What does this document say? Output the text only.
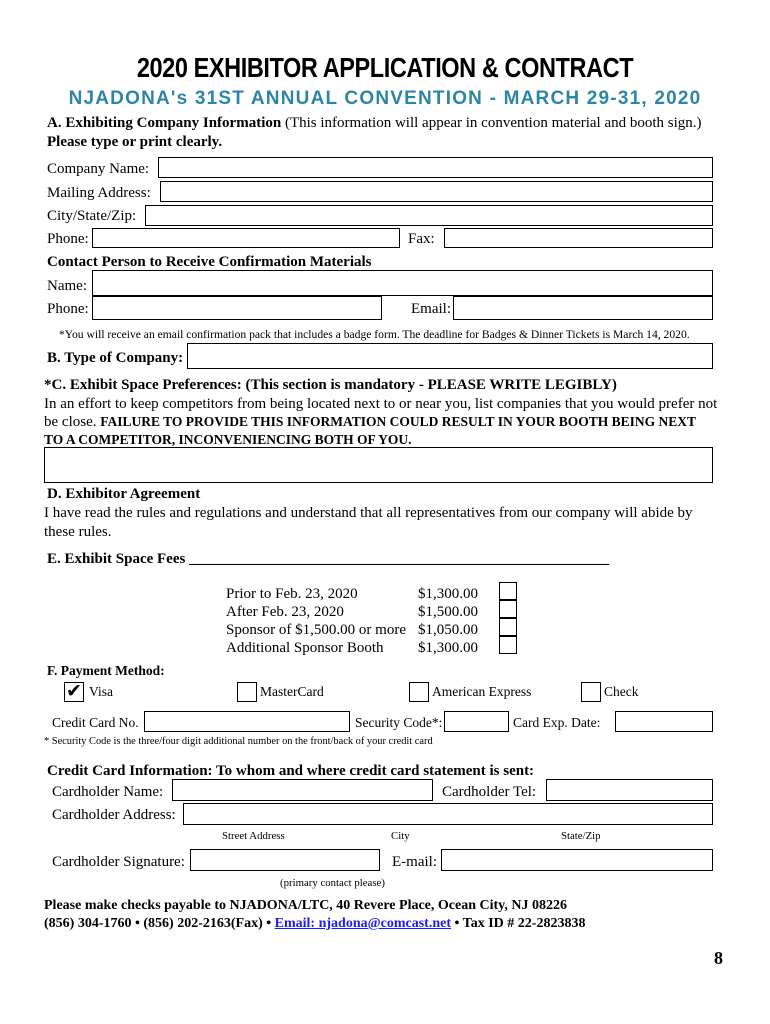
2020 EXHIBITOR APPLICATION & CONTRACT
NJADONA's 31ST ANNUAL CONVENTION - MARCH 29-31, 2020
A. Exhibiting Company Information (This information will appear in convention material and booth sign.)
Please type or print clearly.
Company Name:
Mailing Address:
City/State/Zip:
Phone:	Fax:
Contact Person to Receive Confirmation Materials
Name:
Phone:	Email:
*You will receive an email confirmation pack that includes a badge form. The deadline for Badges & Dinner Tickets is March 14, 2020.
B. Type of Company:
*C. Exhibit Space Preferences: (This section is mandatory - PLEASE WRITE LEGIBLY)
In an effort to keep competitors from being located next to or near you, list companies that you would prefer not
be close. FAILURE TO PROVIDE THIS INFORMATION COULD RESULT IN YOUR BOOTH BEING NEXT
TO A COMPETITOR, INCONVENIENCING BOTH OF YOU.
D. Exhibitor Agreement
I have read the rules and regulations and understand that all representatives from our company will abide by
these rules.
E. Exhibit Space Fees ________________________________________________________
Prior to Feb. 23, 2020	$1,300.00
After Feb. 23, 2020	$1,500.00
Sponsor of $1,500.00 or more $1,050.00
Additional Sponsor Booth $1,300.00
F. Payment Method:
✔ Visa	MasterCard	American Express	Check
Credit Card No.	Security Code*:	Card Exp. Date:
* Security Code is the three/four digit additional number on the front/back of your credit card
Credit Card Information: To whom and where credit card statement is sent:
Cardholder Name:	Cardholder Tel:
Cardholder Address:
Street Address	City	State/Zip
Cardholder Signature:	E-mail:
(primary contact please)
Please make checks payable to NJADONA/LTC, 40 Revere Place, Ocean City, NJ 08226
(856) 304-1760 • (856) 202-2163(Fax) • Email: njadona@comcast.net • Tax ID # 22-2823838
8
